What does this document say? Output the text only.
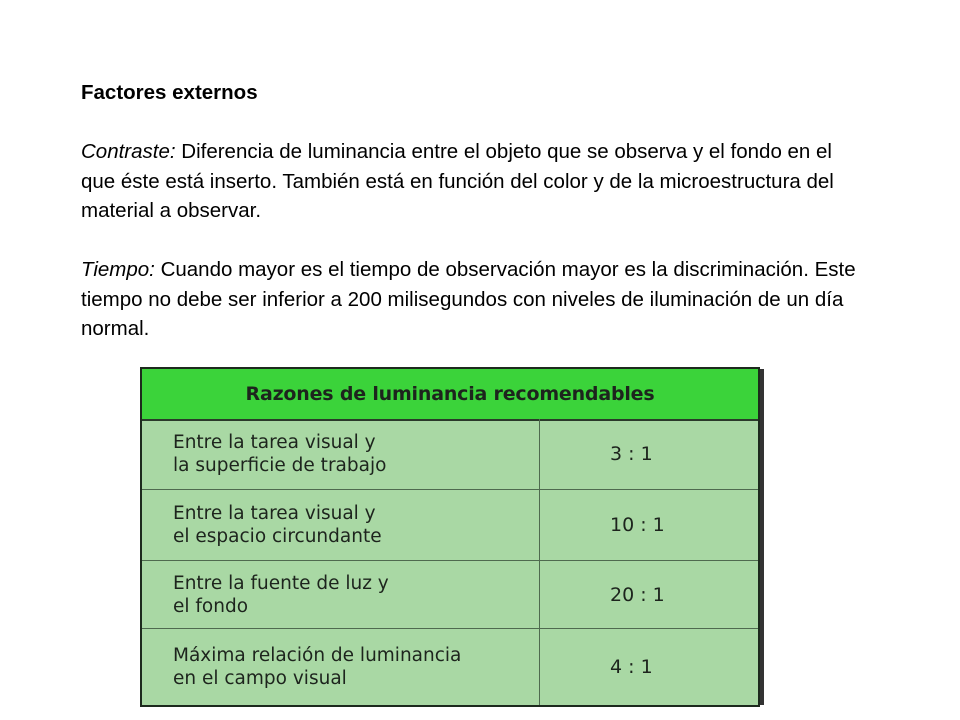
Factores externos

Contraste: Diferencia de luminancia entre el objeto que se observa y el fondo en el que éste está inserto. También está en función del color y de la microestructura del material a observar.

Tiempo: Cuando mayor es el tiempo de observación mayor es la discriminación. Este tiempo no debe ser inferior a 200 milisegundos con niveles de iluminación de un día normal.

Razones de luminancia recomendables
Entre la tarea visual y
la superficie de trabajo
3 : 1
Entre la tarea visual y
el espacio circundante
10 : 1
Entre la fuente de luz y
el fondo
20 : 1
Máxima relación de luminancia
en el campo visual
4 : 1
